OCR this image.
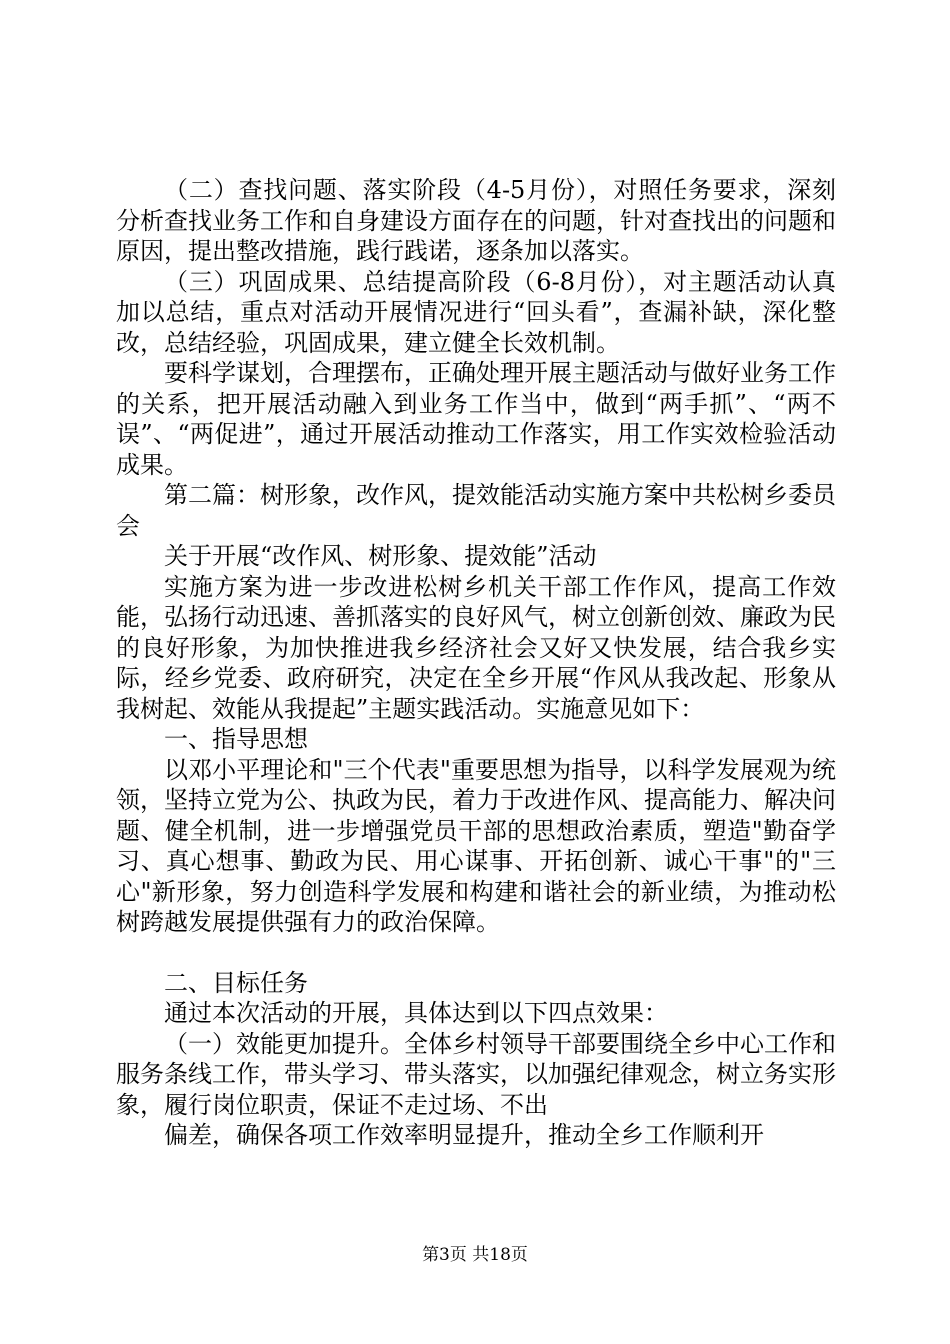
（二）查找问题、落实阶段（4-5月份），对照任务要求，深刻分析查找业务工作和自身建设方面存在的问题，针对查找出的问题和原因，提出整改措施，践行践诺，逐条加以落实。

（三）巩固成果、总结提高阶段（6-8月份），对主题活动认真加以总结，重点对活动开展情况进行“回头看”，查漏补缺，深化整改，总结经验，巩固成果，建立健全长效机制。

要科学谋划，合理摆布，正确处理开展主题活动与做好业务工作的关系，把开展活动融入到业务工作当中，做到“两手抓”、“两不误”、“两促进”，通过开展活动推动工作落实，用工作实效检验活动成果。

第二篇：树形象，改作风，提效能活动实施方案中共松树乡委员会

关于开展“改作风、树形象、提效能”活动

实施方案为进一步改进松树乡机关干部工作作风，提高工作效能，弘扬行动迅速、善抓落实的良好风气，树立创新创效、廉政为民的良好形象，为加快推进我乡经济社会又好又快发展，结合我乡实际，经乡党委、政府研究，决定在全乡开展“作风从我改起、形象从我树起、效能从我提起”主题实践活动。实施意见如下：

一、指导思想

以邓小平理论和"三个代表"重要思想为指导，以科学发展观为统领，坚持立党为公、执政为民，着力于改进作风、提高能力、解决问题、健全机制，进一步增强党员干部的思想政治素质，塑造"勤奋学习、真心想事、勤政为民、用心谋事、开拓创新、诚心干事"的"三心"新形象，努力创造科学发展和构建和谐社会的新业绩，为推动松树跨越发展提供强有力的政治保障。

二、目标任务

通过本次活动的开展，具体达到以下四点效果：

（一）效能更加提升。全体乡村领导干部要围绕全乡中心工作和服务条线工作，带头学习、带头落实，以加强纪律观念，树立务实形象，履行岗位职责，保证不走过场、不出

偏差，确保各项工作效率明显提升，推动全乡工作顺利开

第3页 共18页
